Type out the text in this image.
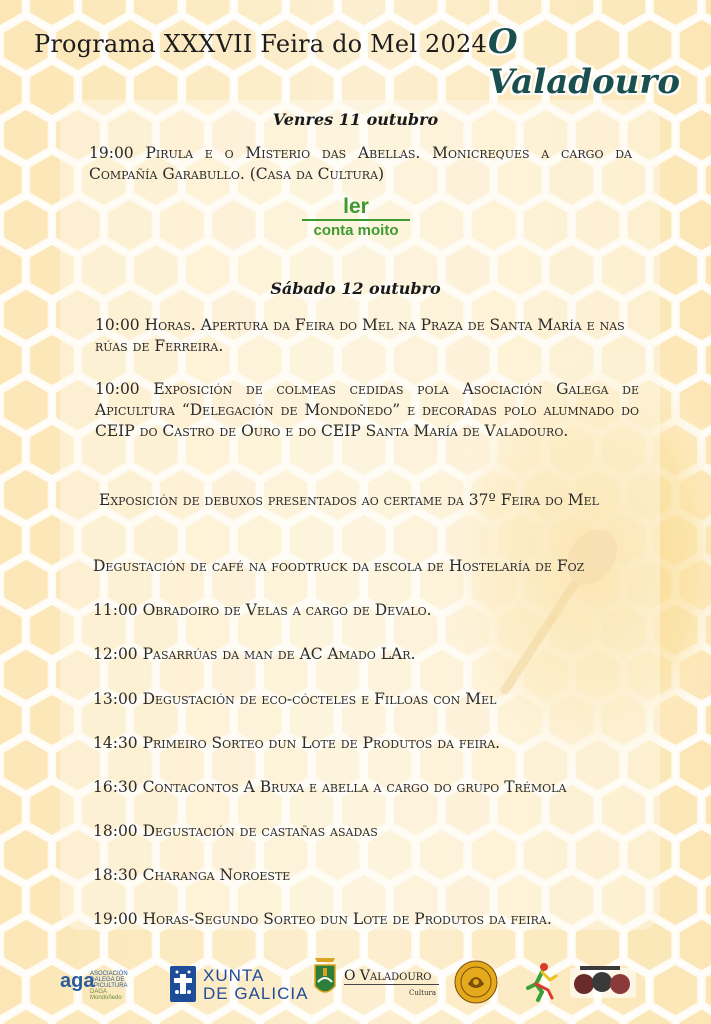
Programa XXXVII Feira do Mel 2024 O Valadouro
Venres 11 outubro
19:00 Pirula e o Misterio das Abellas. Monicreques a cargo da Compañía Garabullo. (Casa da Cultura)
ler
conta moito
Sábado 12 outubro
10:00 Horas. Apertura da Feira do Mel na Praza de Santa María e nas rúas de Ferreira.
10:00 Exposición de colmeas cedidas pola Asociación Galega de Apicultura “Delegación de Mondoñedo” e decoradas polo alumnado do CEIP do Castro de Ouro e do CEIP Santa María de Valadouro.
Exposición de debuxos presentados ao certame da 37º Feira do Mel
Degustación de café na foodtruck da escola de Hostelaría de Foz
11:00 Obradoiro de Velas a cargo de Devalo.
12:00 Pasarrúas da man de AC Amado LAr.
13:00 Degustación de eco-cócteles e Filloas con Mel
14:30 Primeiro Sorteo dun Lote de Produtos da feira.
16:30 Contacontos A Bruxa e abella a cargo do grupo Trémola
18:00 Degustación de castañas asadas
18:30 Charanga Noroeste
19:00 Horas-Segundo Sorteo dun Lote de Produtos da feira.
aga
ASOCIACIÓN
GALEGA DE
APICULTURA
DAGA Mondoñedo
XUNTA
DE GALICIA
O Valadouro
Cultura
